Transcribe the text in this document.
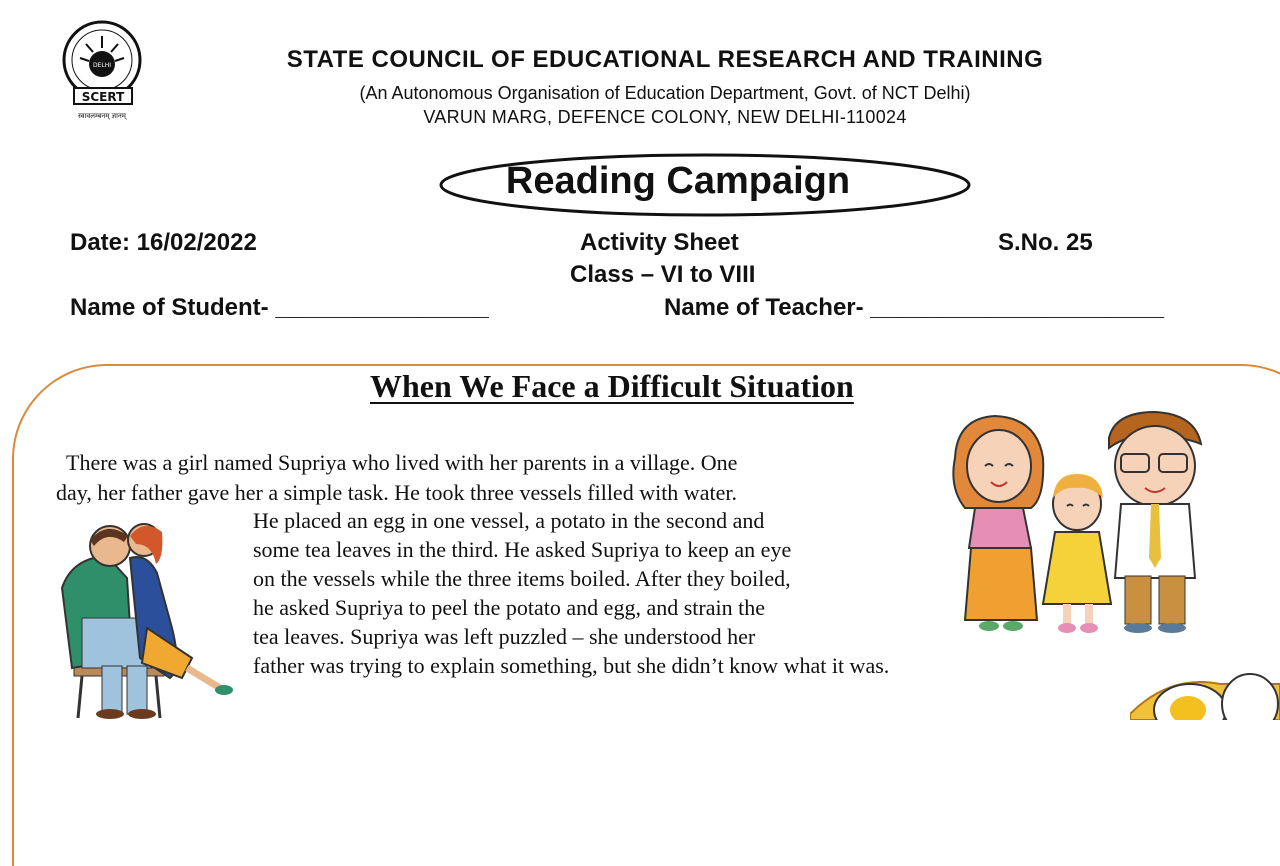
DELHI
SCERT
स्वावलम्बनम् ज्ञानम्
STATE COUNCIL OF EDUCATIONAL RESEARCH AND TRAINING
(An Autonomous Organisation of Education Department, Govt. of NCT Delhi)
VARUN MARG, DEFENCE COLONY, NEW DELHI-110024
Reading Campaign
Date: 16/02/2022	Activity Sheet	S.No. 25
Class – VI to VIII
Name of Student- ________________	Name of Teacher- ______________________
When We Face a Difficult Situation
There was a girl named Supriya who lived with her parents in a village. One
day, her father gave her a simple task. He took three vessels filled with water.
He placed an egg in one vessel, a potato in the second and
some tea leaves in the third. He asked Supriya to keep an eye
on the vessels while the three items boiled. After they boiled,
he asked Supriya to peel the potato and egg, and strain the
tea leaves. Supriya was left puzzled – she understood her
father was trying to explain something, but she didn’t know what it was.
